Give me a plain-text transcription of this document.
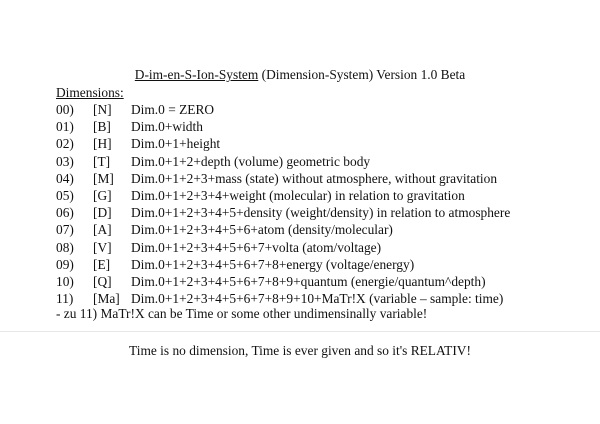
D-im-en-S-Ion-System (Dimension-System) Version 1.0 Beta
Dimensions:
00) [N] Dim.0 = ZERO
01) [B] Dim.0+width
02) [H] Dim.0+1+height
03) [T] Dim.0+1+2+depth (volume) geometric body
04) [M] Dim.0+1+2+3+mass (state) without atmosphere, without gravitation
05) [G] Dim.0+1+2+3+4+weight (molecular) in relation to gravitation
06) [D] Dim.0+1+2+3+4+5+density (weight/density) in relation to atmosphere
07) [A] Dim.0+1+2+3+4+5+6+atom (density/molecular)
08) [V] Dim.0+1+2+3+4+5+6+7+volta (atom/voltage)
09) [E] Dim.0+1+2+3+4+5+6+7+8+energy (voltage/energy)
10) [Q] Dim.0+1+2+3+4+5+6+7+8+9+quantum (energie/quantum^depth)
11) [Ma] Dim.0+1+2+3+4+5+6+7+8+9+10+MaTr!X (variable – sample: time)
- zu 11) MaTr!X can be Time or some other undimensinally variable!
Time is no dimension, Time is ever given and so it's RELATIV!
